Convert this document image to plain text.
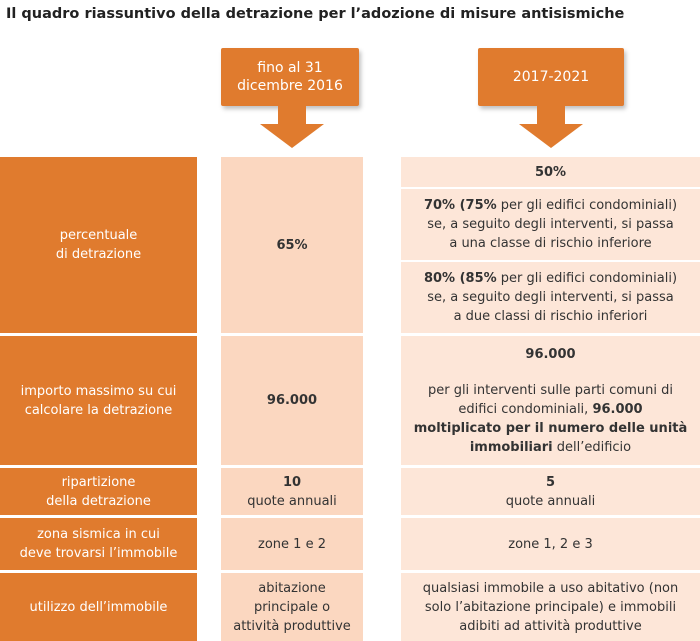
Il quadro riassuntivo della detrazione per l’adozione di misure antisismiche
fino al 31
dicembre 2016
2017-2021
percentuale
di detrazione
65%
50%
70% (75% per gli edifici condominiali)
se, a seguito degli interventi, si passa
a una classe di rischio inferiore
80% (85% per gli edifici condominiali)
se, a seguito degli interventi, si passa
a due classi di rischio inferiori
importo massimo su cui
calcolare la detrazione
96.000
96.000
per gli interventi sulle parti comuni di
edifici condominiali, 96.000
moltiplicato per il numero delle unità
immobiliari dell’edificio
ripartizione
della detrazione
10
quote annuali
5
quote annuali
zona sismica in cui
deve trovarsi l’immobile
zone 1 e 2	zone 1, 2 e 3
utilizzo dell’immobile
abitazione
principale o
attività produttive
qualsiasi immobile a uso abitativo (non
solo l’abitazione principale) e immobili
adibiti ad attività produttive
